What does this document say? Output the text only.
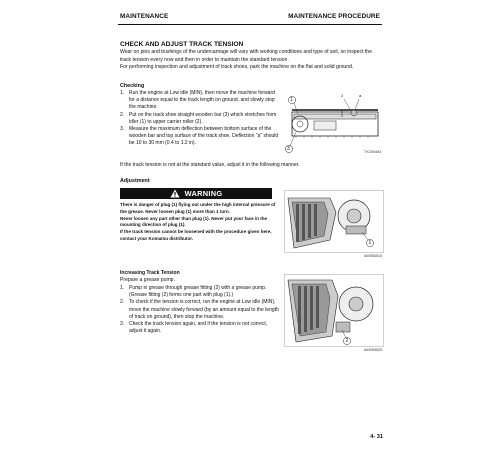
MAINTENANCE	MAINTENANCE PROCEDURE
CHECK AND ADJUST TRACK TENSION
Wear on pins and bushings of the undercarriage will vary with working conditions and type of soil, so inspect the
track tension every now and then in order to maintain the standard tension.
For performing inspection and adjustment of track shoes, park the machine on the flat and solid ground.
Checking
1. Run the engine at Low idle (MIN), then move the machine forward for a distance equal to the track length on ground, and slowly stop the machine.
2. Put on the track shoe straight wooden bar (3) which stretches from idler (1) to upper carrier roller (2).
3. Measure the maximum deflection between bottom surface of the wooden bar and top surface of the track shoe. Deflection "a" should be 10 to 30 mm (0.4 to 1.2 in).
1
3
2	a
TXJ00493
If the track tension is not at the standard value, adjust it in the following manner.
Adjustment
WARNING

There is danger of plug (1) flying out under the high internal pressure of the grease. Never loosen plug (1) more than 1 turn.

Never loosen any part other than plug (1). Never put your face in the mounting direction of plug (1).

If the track tension cannot be loosened with the procedure given here, contact your Komatsu distributor.

1
AM053510
Increasing Track Tension
Prepare a grease pump.
1. Pump in grease through grease fitting (2) with a grease pump. (Grease fitting (2) forms one part with plug (1).)
2. To check if the tension is correct, run the engine at Low idle (MIN), move the machine slowly forward (by an amount equal to the length of track on ground), then stop the machine.
3. Check the track tension again, and if the tension is not correct, adjust it again.
2
AM053520
4- 31
